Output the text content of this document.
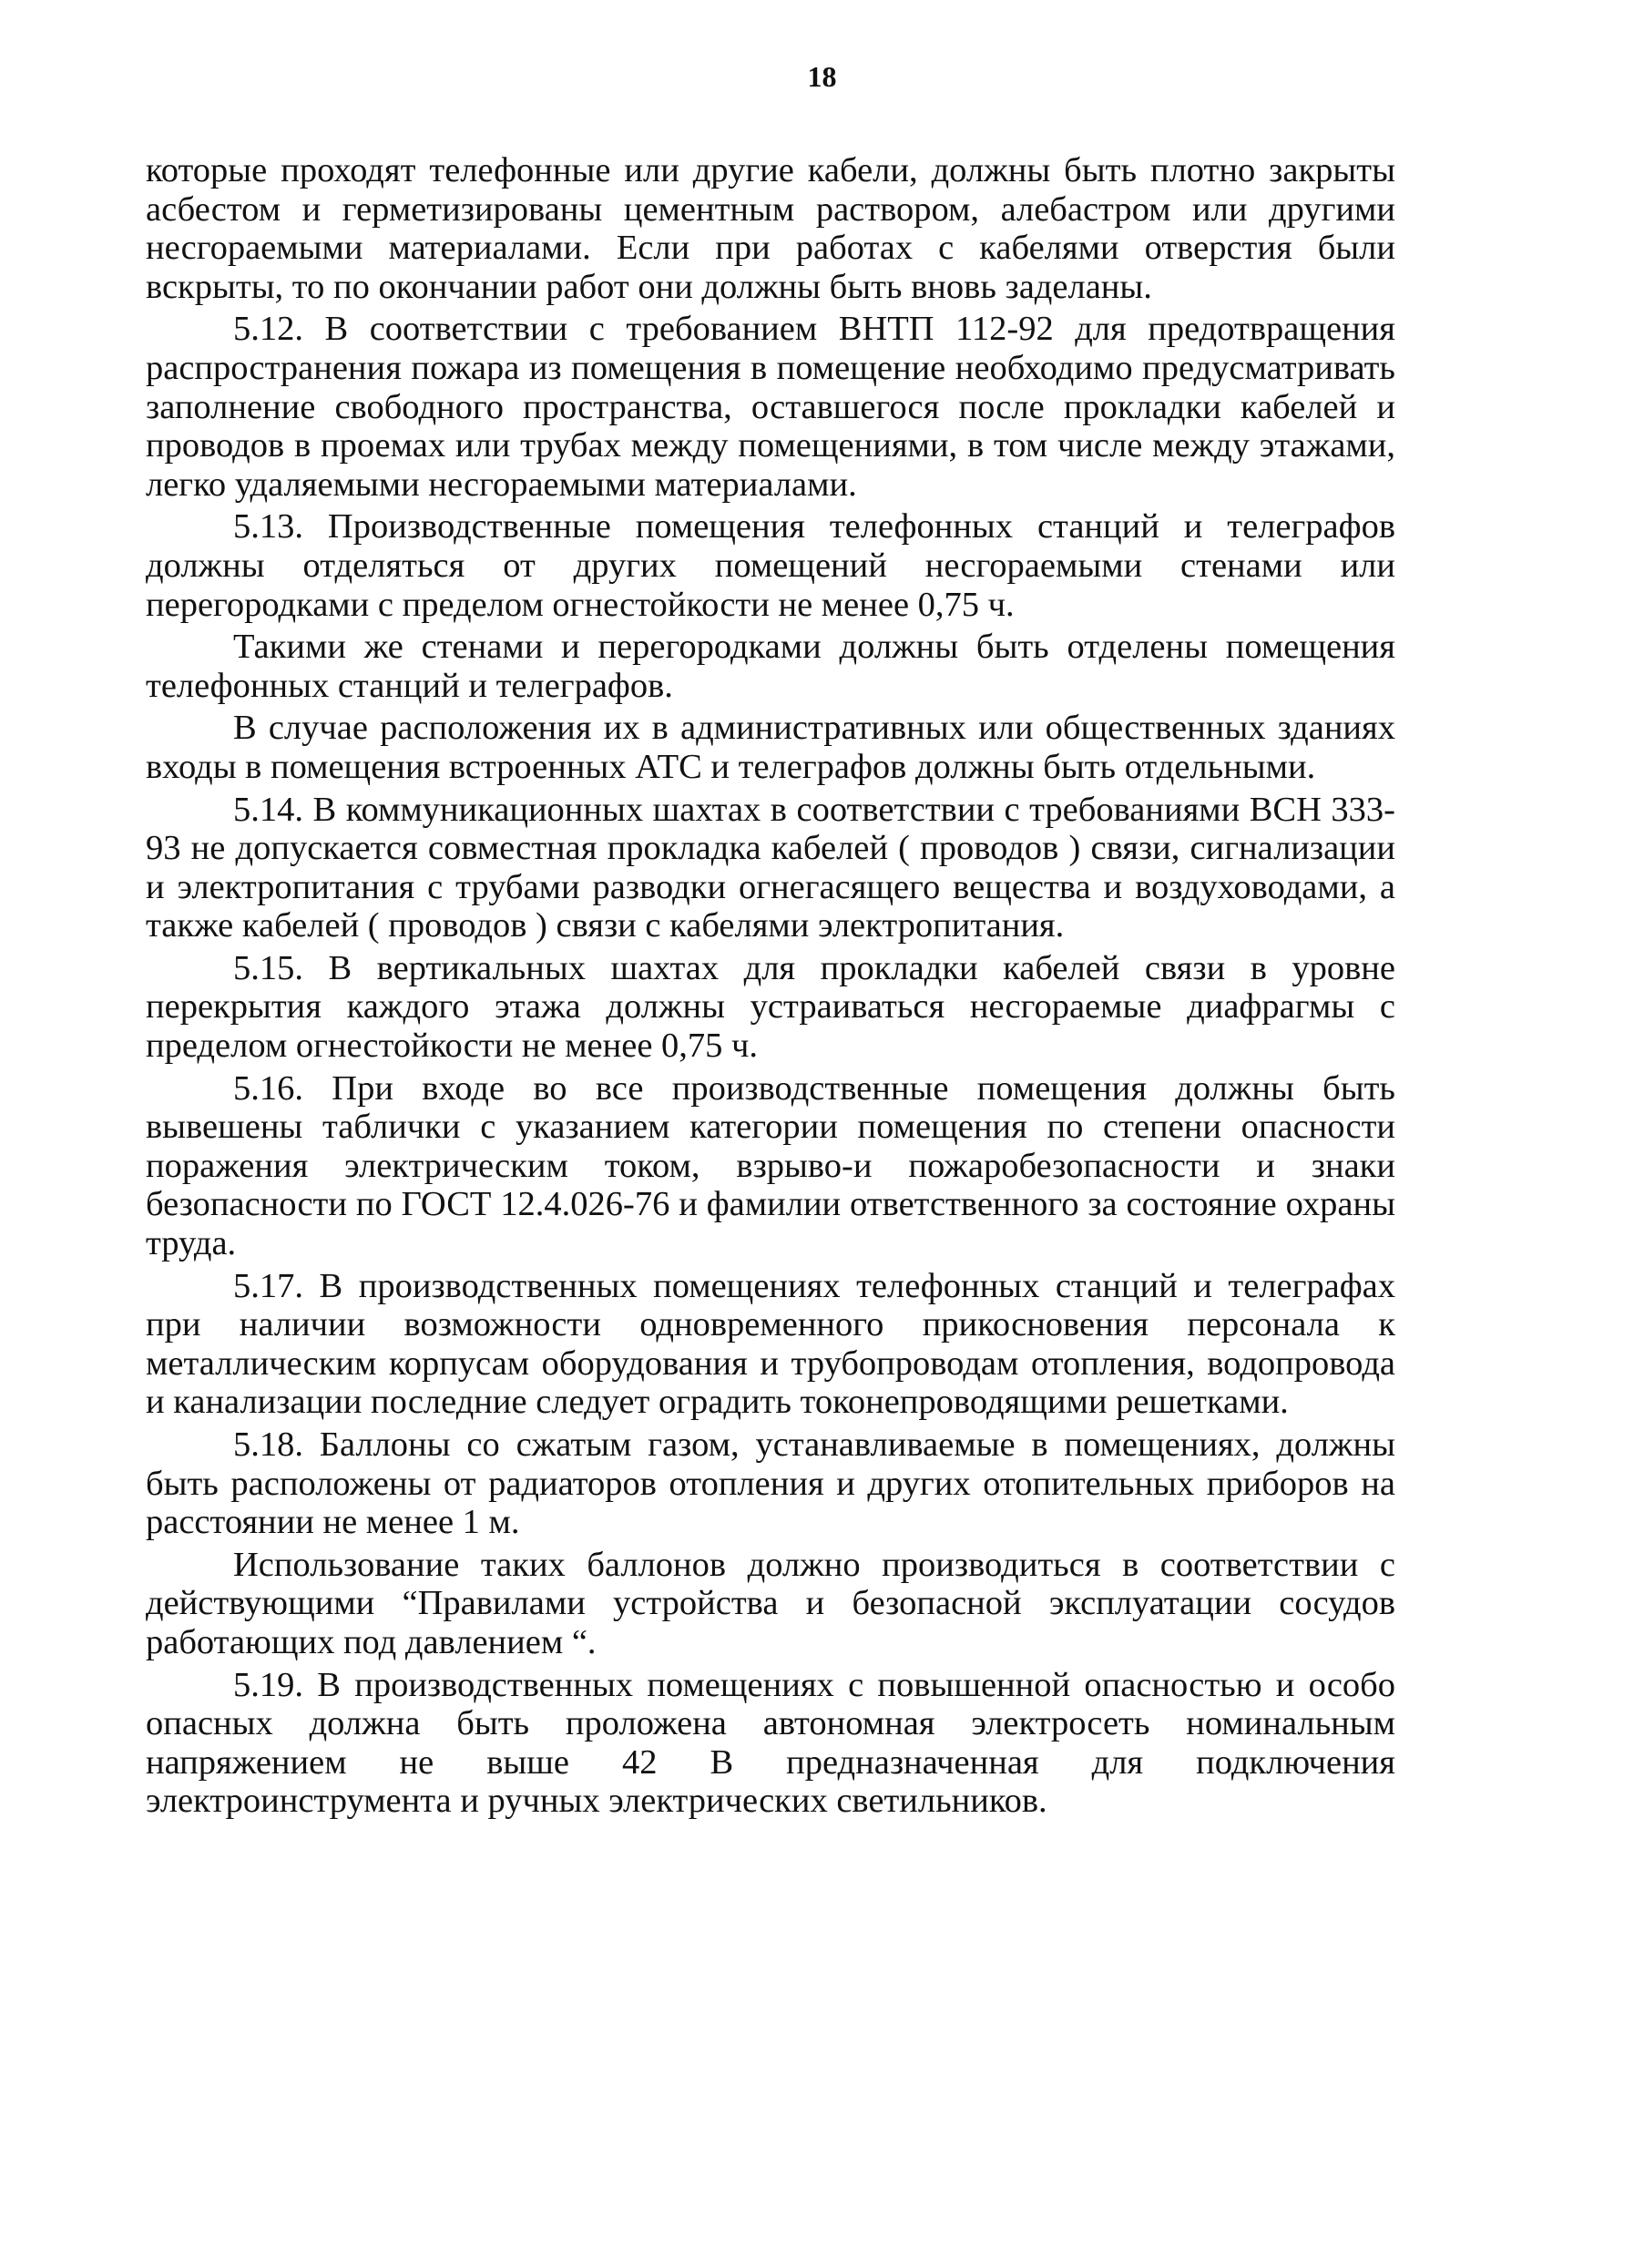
18

которые проходят телефонные или другие кабели, должны быть плотно закрыты асбестом и герметизированы цементным раствором, алебастром или другими несгораемыми материалами. Если при работах с кабелями отверстия были вскрыты, то по окончании работ они должны быть вновь заделаны.

5.12. В соответствии с требованием ВНТП 112-92 для предотвращения распространения пожара из помещения в помещение необходимо предусматривать заполнение свободного пространства, оставшегося после прокладки кабелей и проводов в проемах или трубах между помещениями, в том числе между этажами, легко удаляемыми несгораемыми материалами.

5.13. Производственные помещения телефонных станций и телеграфов должны отделяться от других помещений несгораемыми стенами или перегородками с пределом огнестойкости не менее 0,75 ч.

Такими же стенами и перегородками должны быть отделены помещения телефонных станций и телеграфов.

В случае расположения их в административных или общественных зданиях входы в помещения встроенных АТС и телеграфов должны быть отдельными.

5.14. В коммуникационных шахтах в соответствии с требованиями ВСН 333-93 не допускается совместная прокладка кабелей ( проводов ) связи, сигнализации и электропитания с трубами разводки огнегасящего вещества и воздуховодами, а также кабелей ( проводов ) связи с кабелями электропитания.

5.15. В вертикальных шахтах для прокладки кабелей связи в уровне перекрытия каждого этажа должны устраиваться несгораемые диафрагмы с пределом огнестойкости не менее 0,75 ч.

5.16. При входе во все производственные помещения должны быть вывешены таблички с указанием категории помещения по степени опасности поражения электрическим током, взрыво-и пожаробезопасности и знаки безопасности по ГОСТ 12.4.026-76 и фамилии ответственного за состояние охраны труда.

5.17. В производственных помещениях телефонных станций и телеграфах при наличии возможности одновременного прикосновения персонала к металлическим корпусам оборудования и трубопроводам отопления, водопровода и канализации последние следует оградить токонепроводящими решетками.

5.18. Баллоны со сжатым газом, устанавливаемые в помещениях, должны быть расположены от радиаторов отопления и других отопительных приборов на расстоянии не менее 1 м.

Использование таких баллонов должно производиться в соответствии с действующими “Правилами устройства и безопасной эксплуатации сосудов работающих под давлением “.

5.19. В производственных помещениях с повышенной опасностью и особо опасных должна быть проложена автономная электросеть номинальным напряжением не выше 42 В предназначенная для подключения электроинструмента и ручных электрических светильников.
